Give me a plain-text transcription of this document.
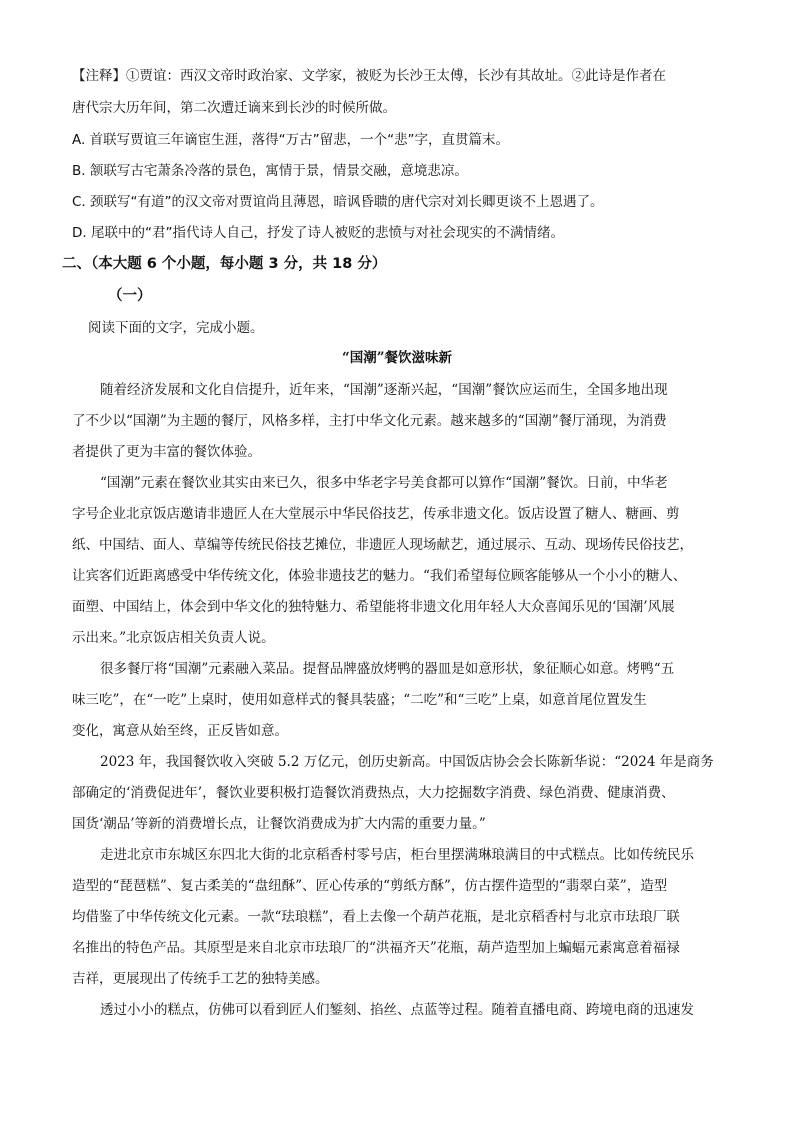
【注释】①贾谊：西汉文帝时政治家、文学家，被贬为长沙王太傅，长沙有其故址。②此诗是作者在
唐代宗大历年间，第二次遭迁谪来到长沙的时候所做。
A. 首联写贾谊三年谪宦生涯，落得“万古”留悲，一个“悲”字，直贯篇末。
B. 颔联写古宅萧条冷落的景色，寓情于景，情景交融，意境悲凉。
C. 颈联写“有道”的汉文帝对贾谊尚且薄恩，暗讽昏聩的唐代宗对刘长卿更谈不上恩遇了。
D. 尾联中的“君”指代诗人自己，抒发了诗人被贬的悲愤与对社会现实的不满情绪。
二、（本大题 6 个小题，每小题 3 分，共 18 分）
（一）
阅读下面的文字，完成小题。
“国潮”餐饮滋味新
随着经济发展和文化自信提升，近年来，“国潮”逐渐兴起，“国潮”餐饮应运而生，全国多地出现
了不少以“国潮”为主题的餐厅，风格多样，主打中华文化元素。越来越多的“国潮”餐厅涌现，为消费
者提供了更为丰富的餐饮体验。
“国潮”元素在餐饮业其实由来已久，很多中华老字号美食都可以算作“国潮”餐饮。日前，中华老
字号企业北京饭店邀请非遗匠人在大堂展示中华民俗技艺，传承非遗文化。饭店设置了糖人、糖画、剪
纸、中国结、面人、草编等传统民俗技艺摊位，非遗匠人现场献艺，通过展示、互动、现场传民俗技艺，
让宾客们近距离感受中华传统文化，体验非遗技艺的魅力。“我们希望每位顾客能够从一个小小的糖人、
面塑、中国结上，体会到中华文化的独特魅力、希望能将非遗文化用年轻人大众喜闻乐见的‘国潮’风展
示出来。”北京饭店相关负责人说。
很多餐厅将“国潮”元素融入菜品。提督品牌盛放烤鸭的器皿是如意形状，象征顺心如意。烤鸭“五
味三吃”，在“一吃”上桌时，使用如意样式的餐具装盛；“二吃”和“三吃”上桌，如意首尾位置发生
变化，寓意从始至终，正反皆如意。
2023 年，我国餐饮收入突破 5.2 万亿元，创历史新高。中国饭店协会会长陈新华说：“2024 年是商务
部确定的‘消费促进年’，餐饮业要积极打造餐饮消费热点，大力挖掘数字消费、绿色消费、健康消费、
国货‘潮品’等新的消费增长点，让餐饮消费成为扩大内需的重要力量。”
走进北京市东城区东四北大街的北京稻香村零号店，柜台里摆满琳琅满目的中式糕点。比如传统民乐
造型的“琵琶糕”、复古柔美的“盘纽酥”、匠心传承的“剪纸方酥”，仿古摆件造型的“翡翠白菜”，造型
均借鉴了中华传统文化元素。一款“珐琅糕”，看上去像一个葫芦花瓶，是北京稻香村与北京市珐琅厂联
名推出的特色产品。其原型是来自北京市珐琅厂的“洪福齐天”花瓶，葫芦造型加上蝙蝠元素寓意着福禄
吉祥，更展现出了传统手工艺的独特美感。
透过小小的糕点，仿佛可以看到匠人们錾刻、掐丝、点蓝等过程。随着直播电商、跨境电商的迅速发
